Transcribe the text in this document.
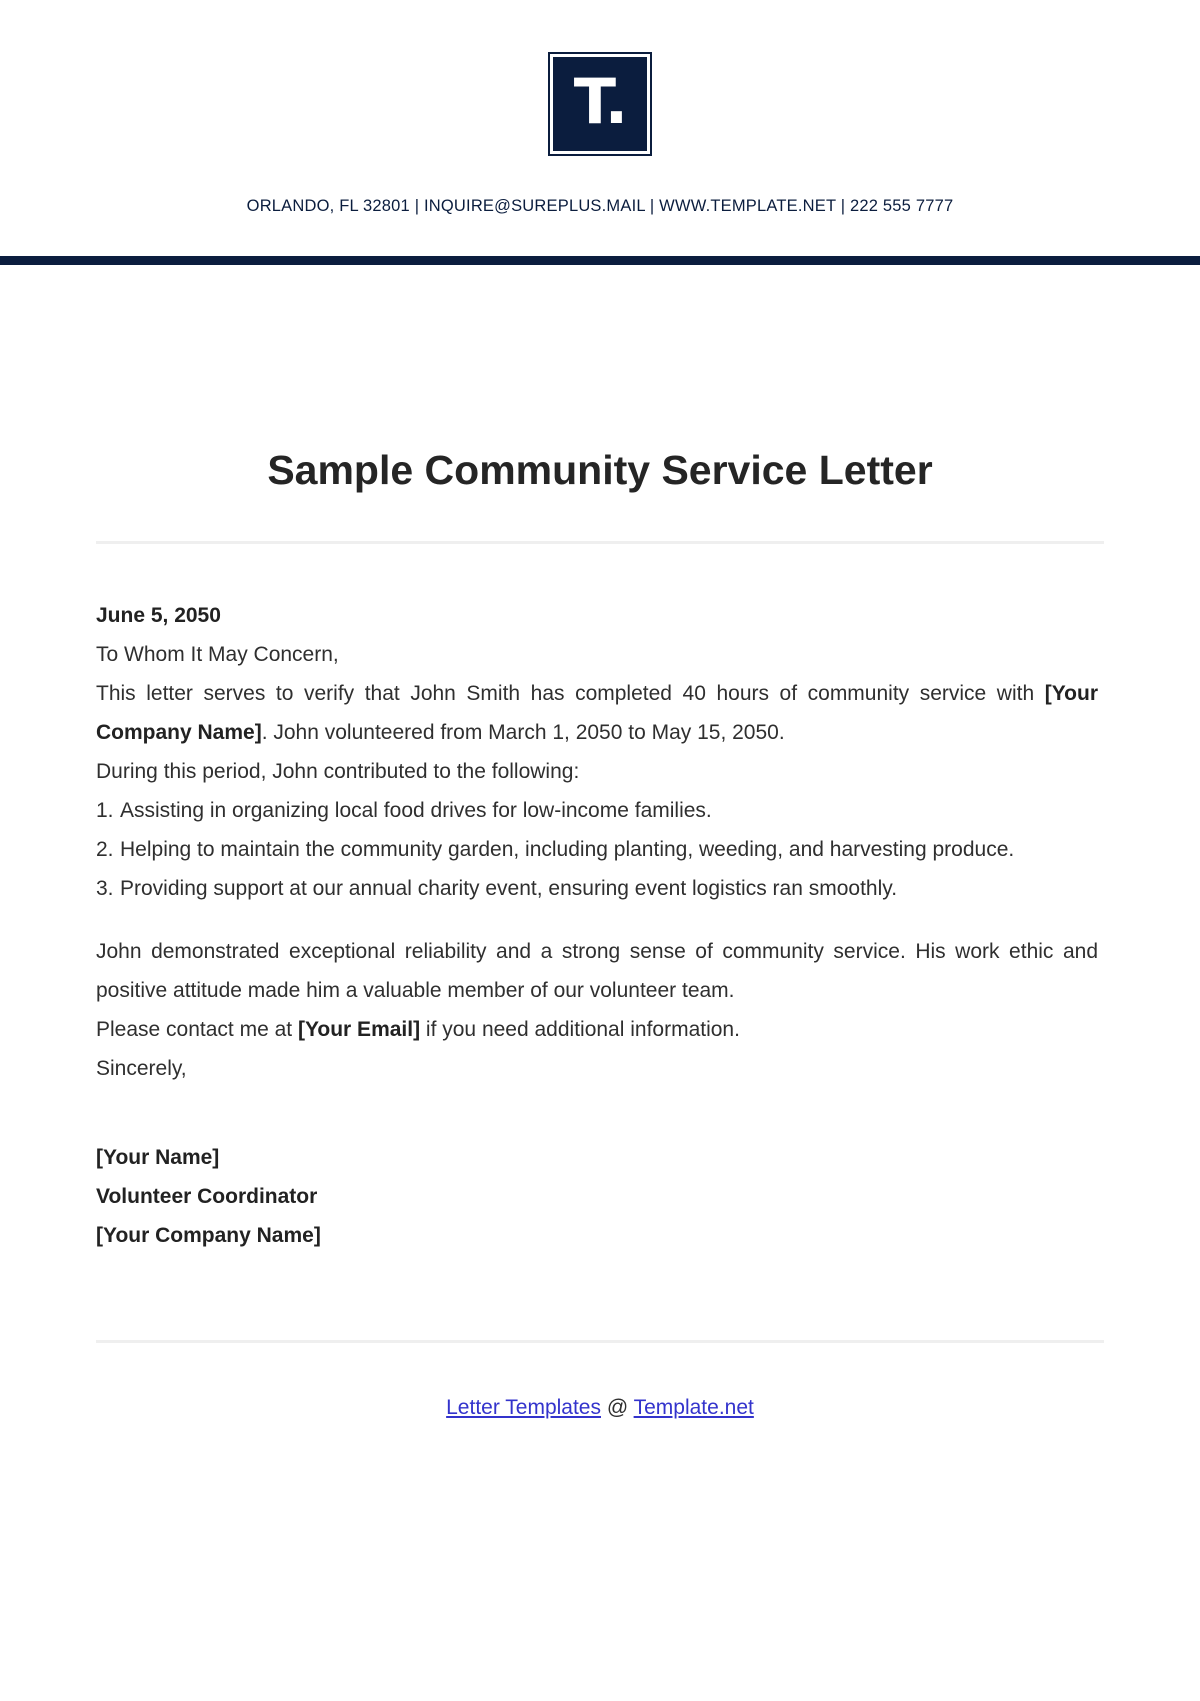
T.
ORLANDO, FL 32801 | INQUIRE@SUREPLUS.MAIL | WWW.TEMPLATE.NET | 222 555 7777
Sample Community Service Letter

June 5, 2050

To Whom It May Concern,

This letter serves to verify that John Smith has completed 40 hours of community service with [Your Company Name]. John volunteered from March 1, 2050 to May 15, 2050.

During this period, John contributed to the following:

1. Assisting in organizing local food drives for low-income families.
2. Helping to maintain the community garden, including planting, weeding, and harvesting produce.
3. Providing support at our annual charity event, ensuring event logistics ran smoothly.

John demonstrated exceptional reliability and a strong sense of community service. His work ethic and positive attitude made him a valuable member of our volunteer team.

Please contact me at [Your Email] if you need additional information.

Sincerely,

[Your Name]

Volunteer Coordinator

[Your Company Name]

Letter Templates @ Template.net
